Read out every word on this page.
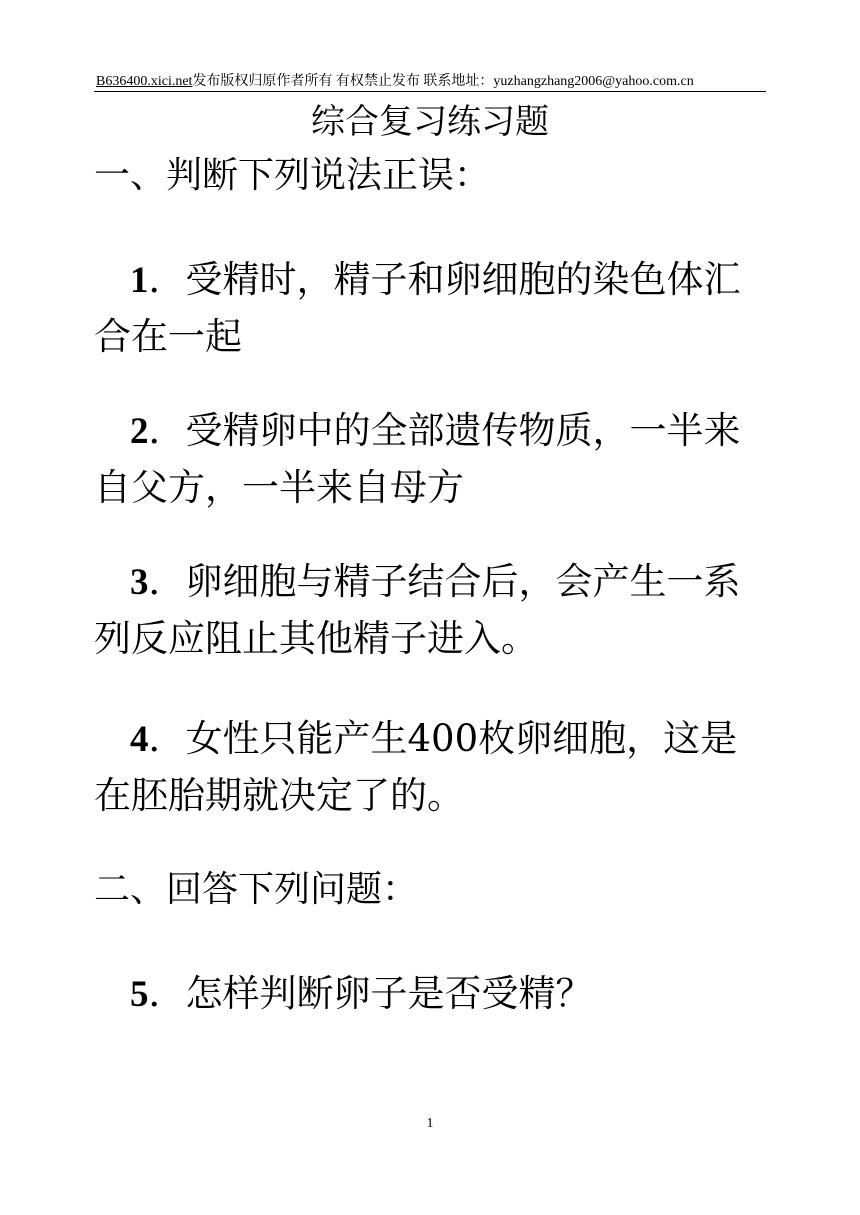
B636400.xici.net发布版权归原作者所有 有权禁止发布 联系地址：yuzhangzhang2006@yahoo.com.cn
综合复习练习题
一、判断下列说法正误：
1．受精时，精子和卵细胞的染色体汇合在一起
2．受精卵中的全部遗传物质，一半来自父方，一半来自母方
3．卵细胞与精子结合后，会产生一系列反应阻止其他精子进入。
4．女性只能产生400枚卵细胞，这是在胚胎期就决定了的。
二、回答下列问题：
5．怎样判断卵子是否受精？
1
